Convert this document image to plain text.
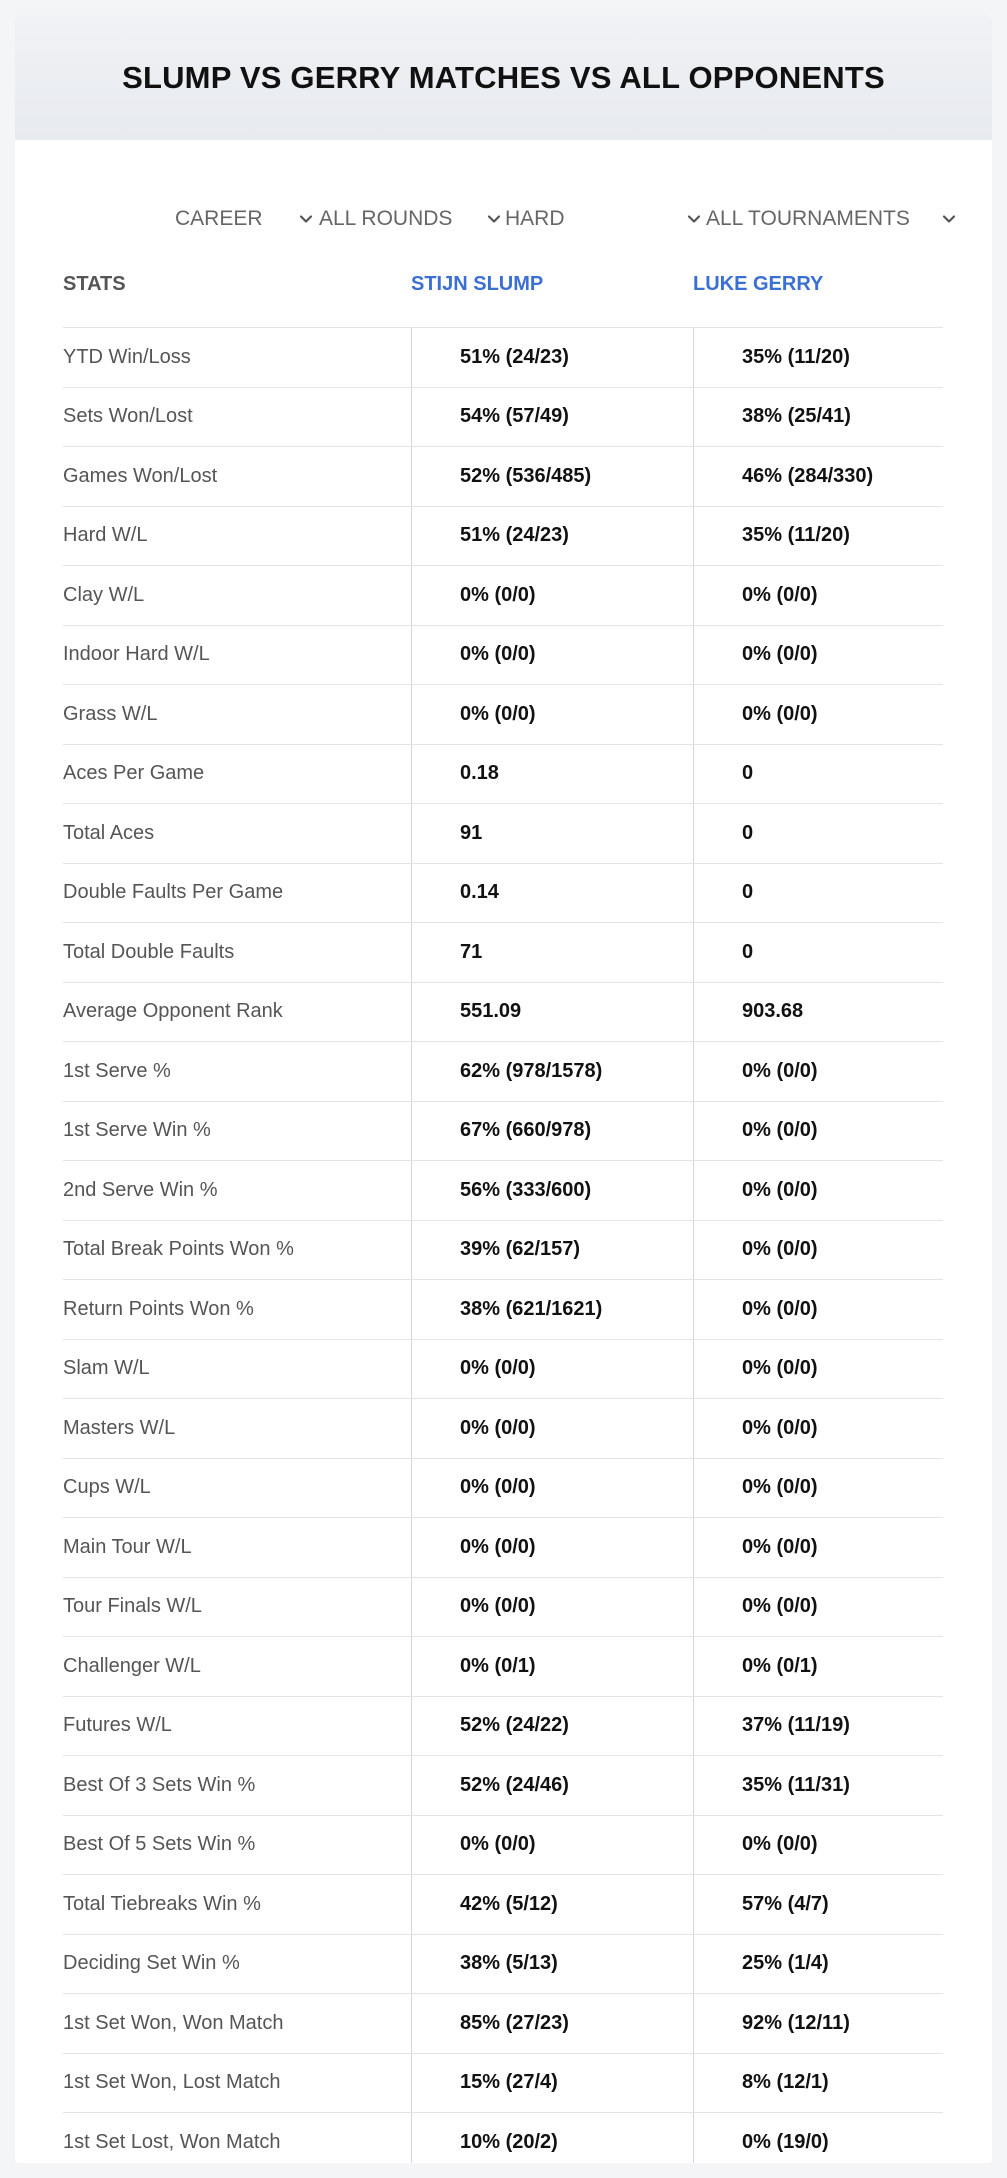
SLUMP VS GERRY MATCHES VS ALL OPPONENTS
CAREER	ALL ROUNDS	HARD	ALL TOURNAMENTS
STATS	STIJN SLUMP	LUKE GERRY
YTD Win/Loss	51% (24/23)	35% (11/20)
Sets Won/Lost	54% (57/49)	38% (25/41)
Games Won/Lost	52% (536/485)	46% (284/330)
Hard W/L	51% (24/23)	35% (11/20)
Clay W/L	0% (0/0)	0% (0/0)
Indoor Hard W/L	0% (0/0)	0% (0/0)
Grass W/L	0% (0/0)	0% (0/0)
Aces Per Game	0.18	0
Total Aces	91	0
Double Faults Per Game	0.14	0
Total Double Faults	71	0
Average Opponent Rank	551.09	903.68
1st Serve %	62% (978/1578)	0% (0/0)
1st Serve Win %	67% (660/978)	0% (0/0)
2nd Serve Win %	56% (333/600)	0% (0/0)
Total Break Points Won %	39% (62/157)	0% (0/0)
Return Points Won %	38% (621/1621)	0% (0/0)
Slam W/L	0% (0/0)	0% (0/0)
Masters W/L	0% (0/0)	0% (0/0)
Cups W/L	0% (0/0)	0% (0/0)
Main Tour W/L	0% (0/0)	0% (0/0)
Tour Finals W/L	0% (0/0)	0% (0/0)
Challenger W/L	0% (0/1)	0% (0/1)
Futures W/L	52% (24/22)	37% (11/19)
Best Of 3 Sets Win %	52% (24/46)	35% (11/31)
Best Of 5 Sets Win %	0% (0/0)	0% (0/0)
Total Tiebreaks Win %	42% (5/12)	57% (4/7)
Deciding Set Win %	38% (5/13)	25% (1/4)
1st Set Won, Won Match	85% (27/23)	92% (12/11)
1st Set Won, Lost Match	15% (27/4)	8% (12/1)
1st Set Lost, Won Match	10% (20/2)	0% (19/0)
